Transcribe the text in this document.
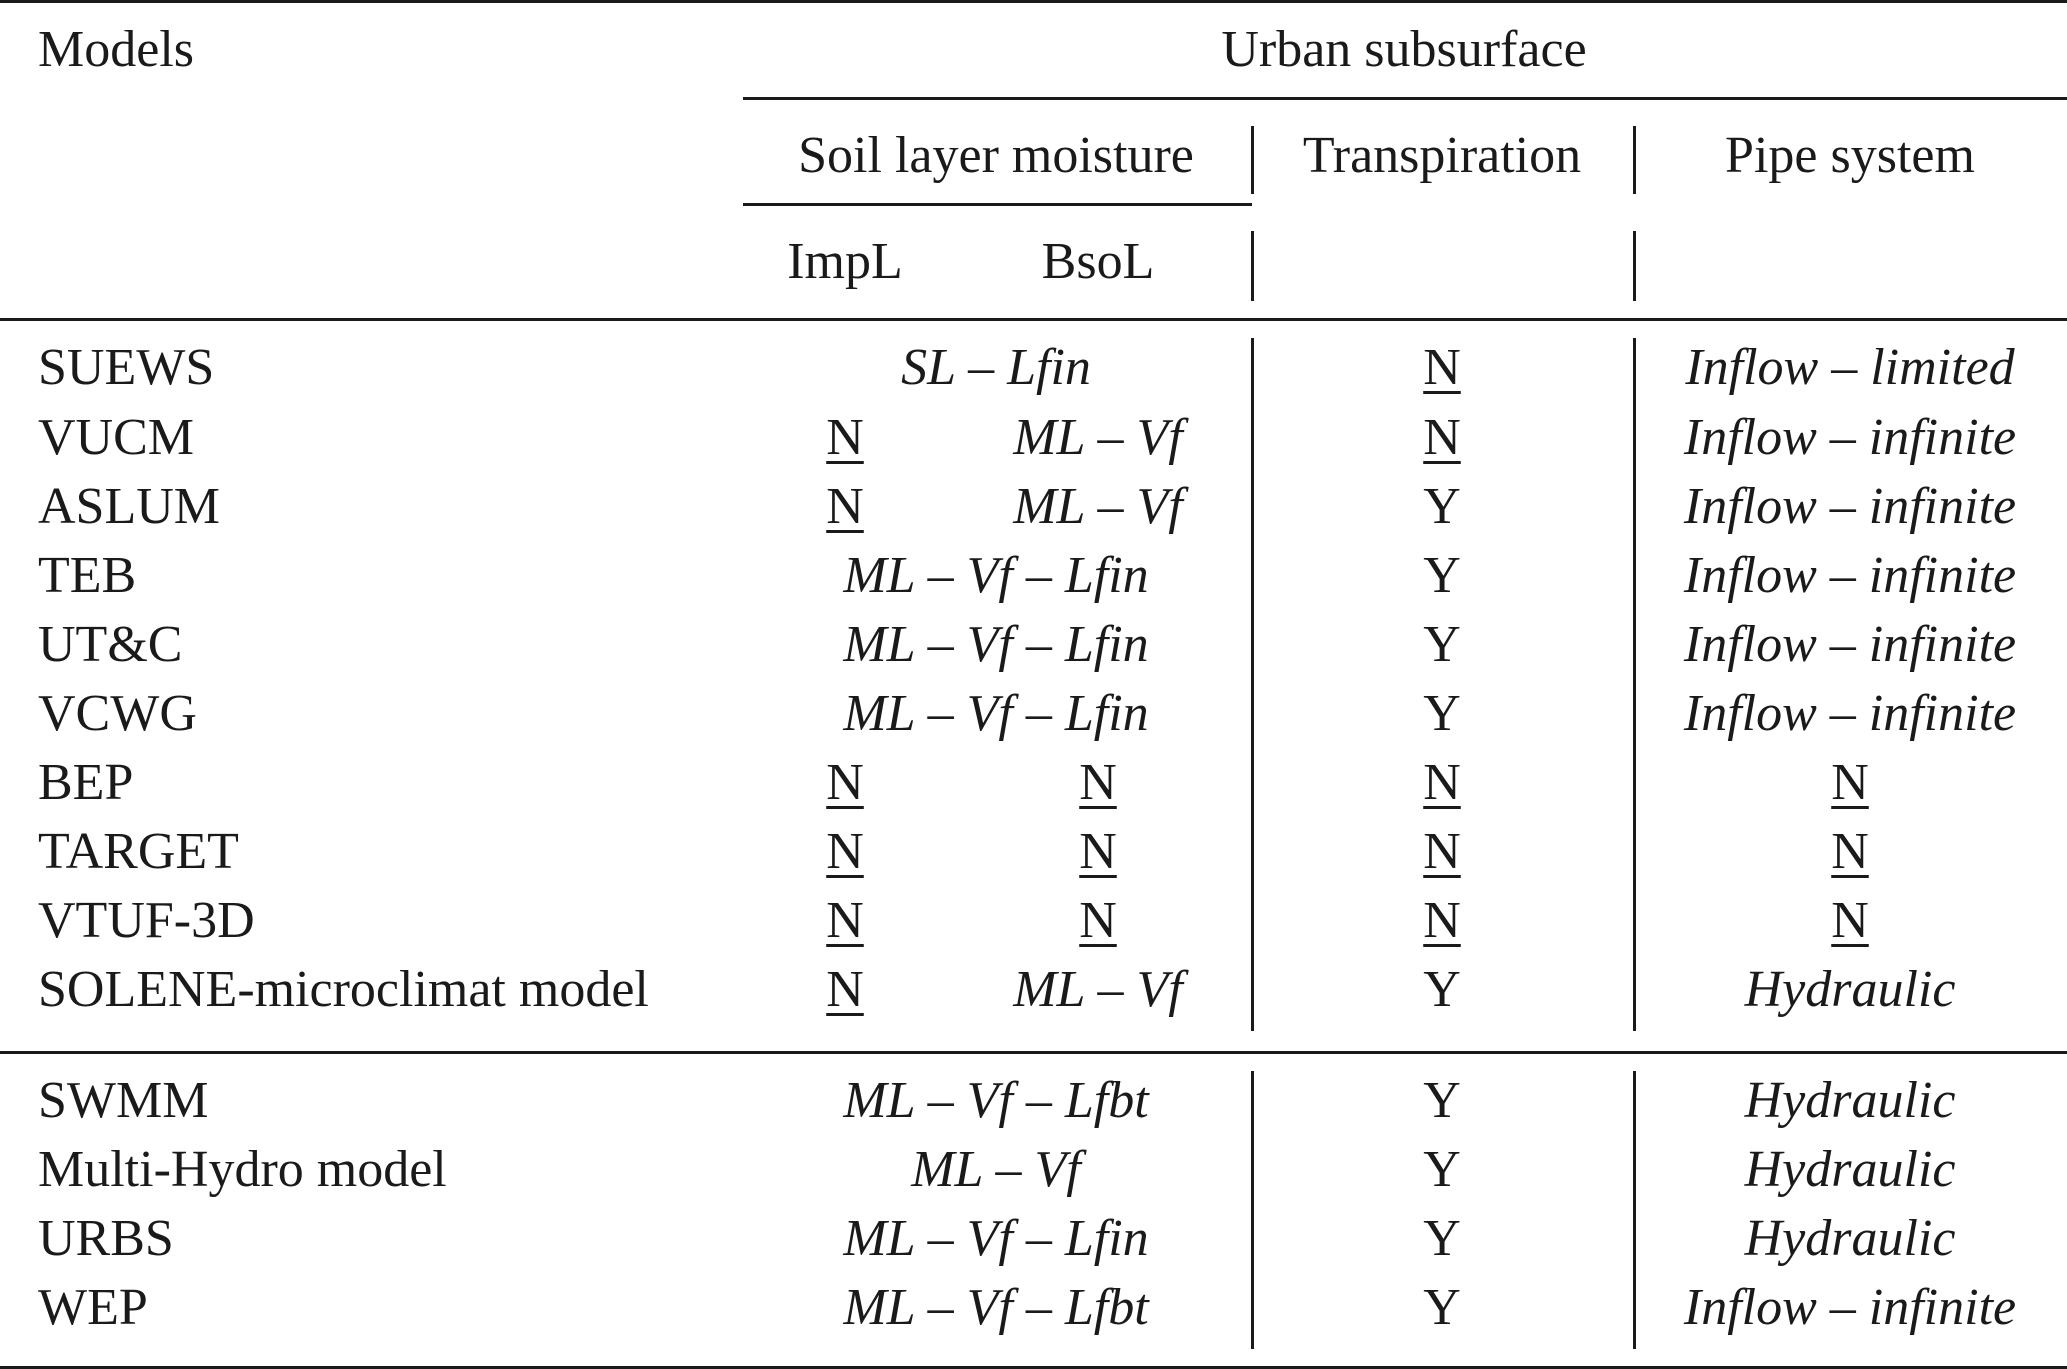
Models	Urban subsurface
Soil layer moisture Transpiration	Pipe system
ImpL	BsoL
SUEWS	SL – Lfin	N	Inflow – limited
VUCM	N	ML – Vf	N	Inflow – infinite
ASLUM	N	ML – Vf	Y	Inflow – infinite
TEB	ML – Vf – Lfin	Y	Inflow – infinite
UT&C	ML – Vf – Lfin	Y	Inflow – infinite
VCWG	ML – Vf – Lfin	Y	Inflow – infinite
BEP	N	N	N	N
TARGET	N	N	N	N
VTUF-3D	N	N	N	N
SOLENE-microclimat model	N	ML – Vf	Y	Hydraulic
SWMM	ML – Vf – Lfbt	Y	Hydraulic
Multi-Hydro model	ML – Vf	Y	Hydraulic
URBS	ML – Vf – Lfin	Y	Hydraulic
WEP	ML – Vf – Lfbt	Y	Inflow – infinite
